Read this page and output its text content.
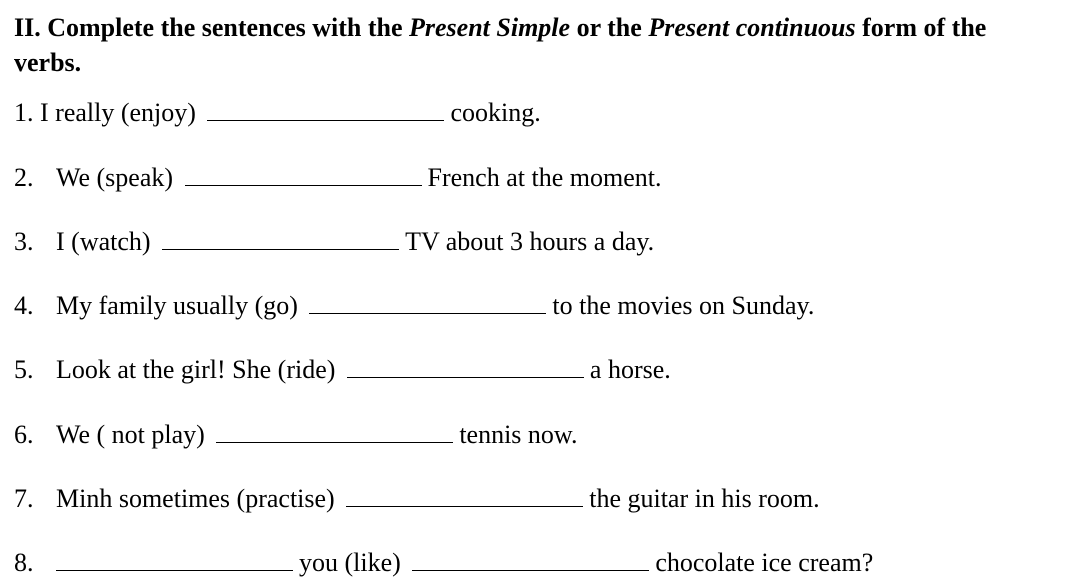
II. Complete the sentences with the Present Simple or the Present continuous form of the verbs.
1. I really (enjoy)	cooking.
2. We (speak)	French at the moment.
3. I (watch)	TV about 3 hours a day.
4. My family usually (go)	to the movies on Sunday.
5. Look at the girl! She (ride)	a horse.
6. We ( not play)	tennis now.
7. Minh sometimes (practise)	the guitar in his room.
8.	you (like)	chocolate ice cream?
